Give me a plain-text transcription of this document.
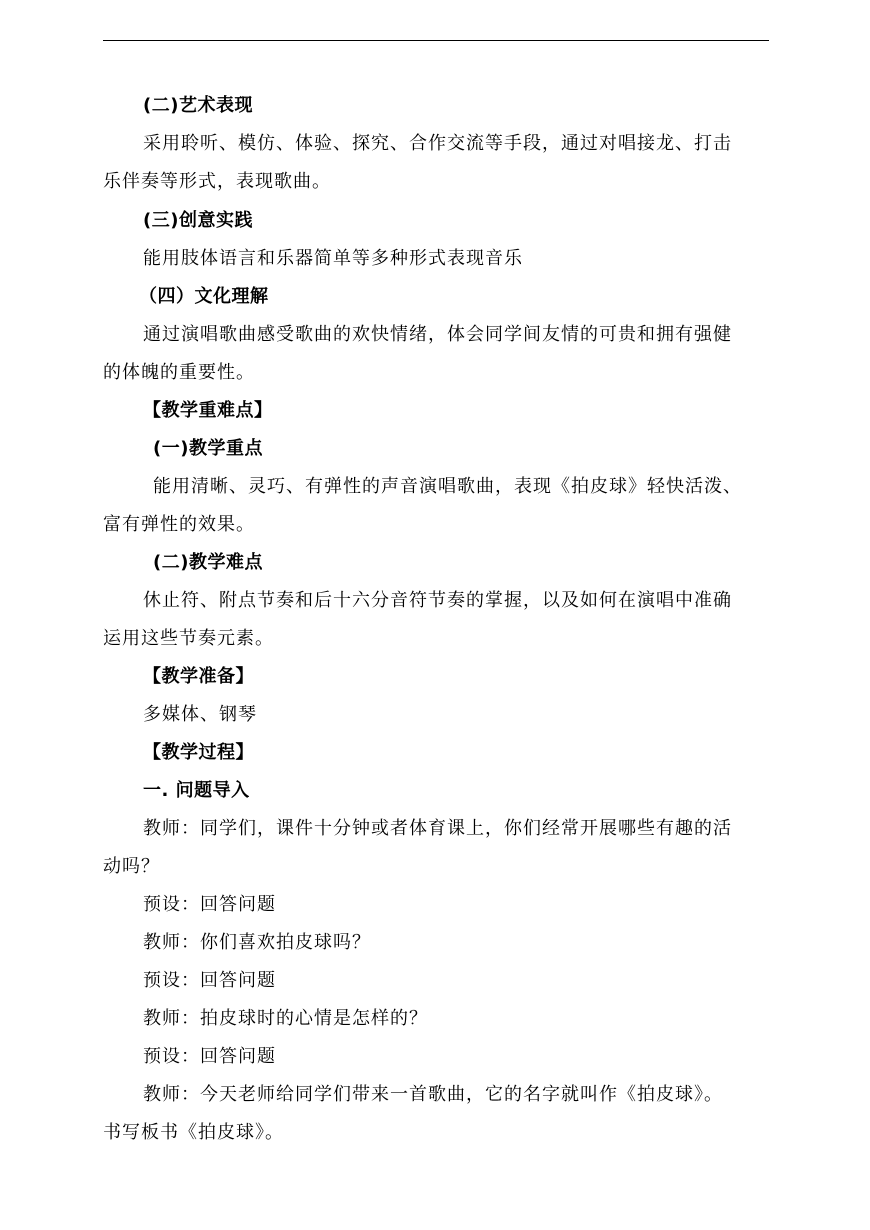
(二)艺术表现
采用聆听、模仿、体验、探究、合作交流等手段，通过对唱接龙、打击
乐伴奏等形式，表现歌曲。
(三)创意实践
能用肢体语言和乐器简单等多种形式表现音乐
（四）文化理解
通过演唱歌曲感受歌曲的欢快情绪，体会同学间友情的可贵和拥有强健
的体魄的重要性。
【教学重难点】
(一)教学重点
能用清晰、灵巧、有弹性的声音演唱歌曲，表现《拍皮球》轻快活泼、
富有弹性的效果。
(二)教学难点
休止符、附点节奏和后十六分音符节奏的掌握，以及如何在演唱中准确
运用这些节奏元素。
【教学准备】
多媒体、钢琴
【教学过程】
一. 问题导入
教师：同学们，课件十分钟或者体育课上，你们经常开展哪些有趣的活
动吗？
预设：回答问题
教师：你们喜欢拍皮球吗？
预设：回答问题
教师：拍皮球时的心情是怎样的？
预设：回答问题
教师：今天老师给同学们带来一首歌曲，它的名字就叫作《拍皮球》。
书写板书《拍皮球》。
